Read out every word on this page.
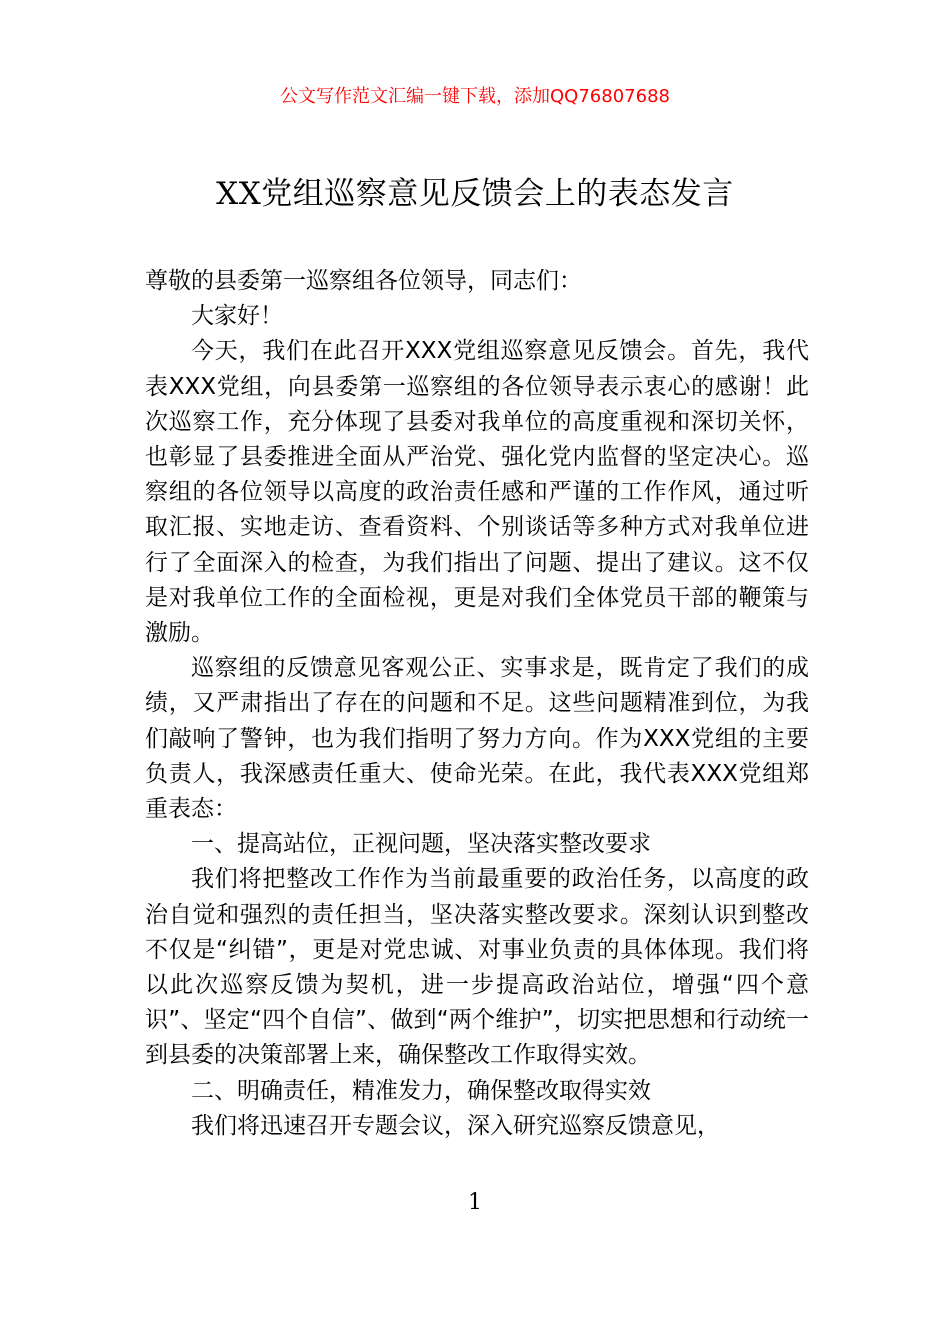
公文写作范文汇编一键下载，添加QQ76807688
XX党组巡察意见反馈会上的表态发言

尊敬的县委第一巡察组各位领导，同志们：

大家好！

今天，我们在此召开XXX党组巡察意见反馈会。首先，我代表XXX党组，向县委第一巡察组的各位领导表示衷心的感谢！此次巡察工作，充分体现了县委对我单位的高度重视和深切关怀，也彰显了县委推进全面从严治党、强化党内监督的坚定决心。巡察组的各位领导以高度的政治责任感和严谨的工作作风，通过听取汇报、实地走访、查看资料、个别谈话等多种方式对我单位进行了全面深入的检查，为我们指出了问题、提出了建议。这不仅是对我单位工作的全面检视，更是对我们全体党员干部的鞭策与激励。

巡察组的反馈意见客观公正、实事求是，既肯定了我们的成绩，又严肃指出了存在的问题和不足。这些问题精准到位，为我们敲响了警钟，也为我们指明了努力方向。作为XXX党组的主要负责人，我深感责任重大、使命光荣。在此，我代表XXX党组郑重表态：

一、提高站位，正视问题，坚决落实整改要求

我们将把整改工作作为当前最重要的政治任务，以高度的政治自觉和强烈的责任担当，坚决落实整改要求。深刻认识到整改不仅是“纠错”，更是对党忠诚、对事业负责的具体体现。我们将以此次巡察反馈为契机，进一步提高政治站位，增强“四个意识”、坚定“四个自信”、做到“两个维护”，切实把思想和行动统一到县委的决策部署上来，确保整改工作取得实效。

二、明确责任，精准发力，确保整改取得实效

我们将迅速召开专题会议，深入研究巡察反馈意见，

1
